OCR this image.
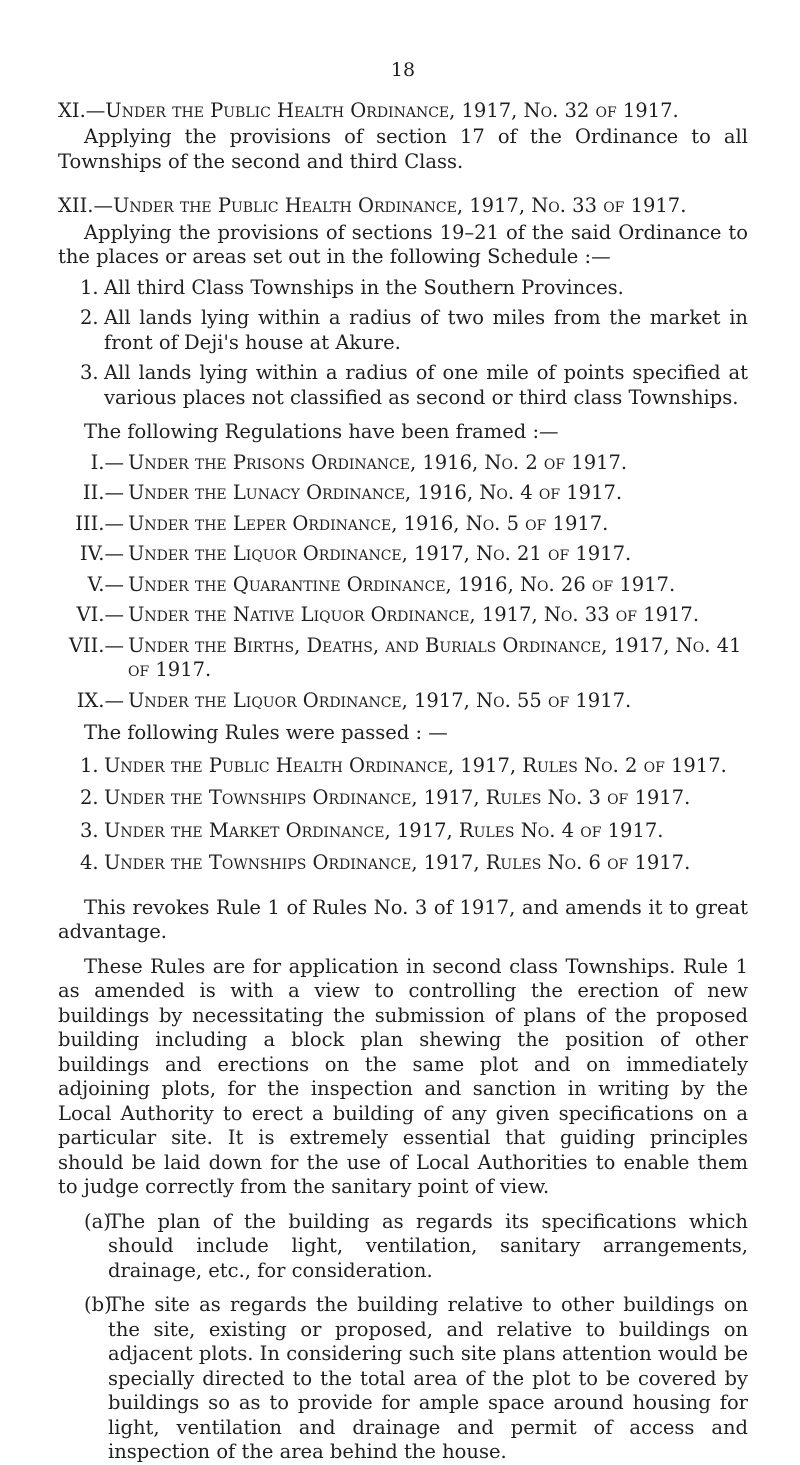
18

XI.—Under the Public Health Ordinance, 1917, No. 32 of 1917.

Applying the provisions of section 17 of the Ordinance to all Townships of the second and third Class.

XII.—Under the Public Health Ordinance, 1917, No. 33 of 1917.

Applying the provisions of sections 19–21 of the said Ordinance to the places or areas set out in the following Schedule :—

1. All third Class Townships in the Southern Provinces.
2. All lands lying within a radius of two miles from the market in front of Deji's house at Akure.
3. All lands lying within a radius of one mile of points specified at various places not classified as second or third class Townships.

The following Regulations have been framed :—

I.— Under the Prisons Ordinance, 1916, No. 2 of 1917.
II.— Under the Lunacy Ordinance, 1916, No. 4 of 1917.
III.— Under the Leper Ordinance, 1916, No. 5 of 1917.
IV.— Under the Liquor Ordinance, 1917, No. 21 of 1917.
V.— Under the Quarantine Ordinance, 1916, No. 26 of 1917.
VI.— Under the Native Liquor Ordinance, 1917, No. 33 of 1917.
VII.— Under the Births, Deaths, and Burials Ordinance, 1917, No. 41 of 1917.
IX.— Under the Liquor Ordinance, 1917, No. 55 of 1917.

The following Rules were passed : —

1. Under the Public Health Ordinance, 1917, Rules No. 2 of 1917.
2. Under the Townships Ordinance, 1917, Rules No. 3 of 1917.
3. Under the Market Ordinance, 1917, Rules No. 4 of 1917.
4. Under the Townships Ordinance, 1917, Rules No. 6 of 1917.

This revokes Rule 1 of Rules No. 3 of 1917, and amends it to great advantage.

These Rules are for application in second class Townships. Rule 1 as amended is with a view to controlling the erection of new buildings by necessitating the submission of plans of the proposed building including a block plan shewing the position of other buildings and erections on the same plot and on immediately adjoining plots, for the inspection and sanction in writing by the Local Authority to erect a building of any given specifications on a particular site. It is extremely essential that guiding principles should be laid down for the use of Local Authorities to enable them to judge correctly from the sanitary point of view.

(a)
The plan of the building as regards its specifications which should include light, ventilation, sanitary arrangements, drainage, etc., for consideration.
(b)
The site as regards the building relative to other buildings on the site, existing or proposed, and relative to buildings on adjacent plots. In considering such site plans attention would be specially directed to the total area of the plot to be covered by buildings so as to provide for ample space around housing for light, ventilation and drainage and permit of access and inspection of the area behind the house.
